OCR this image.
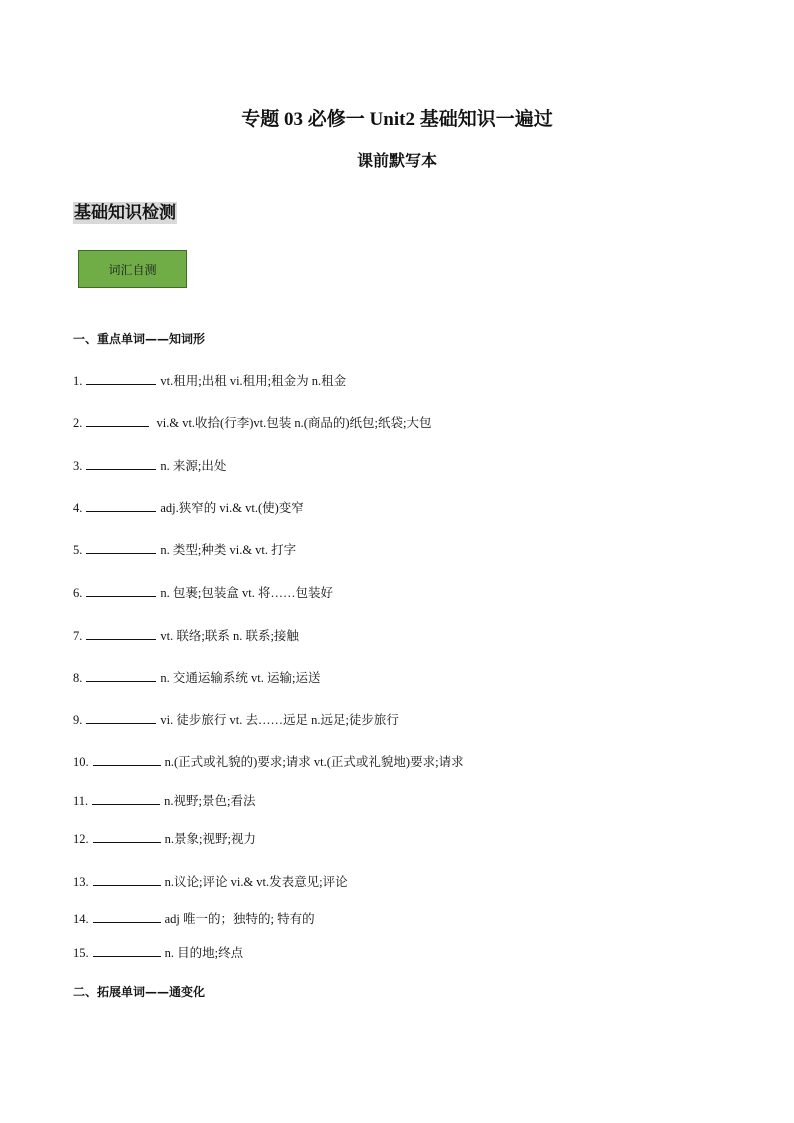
专题 03 必修一 Unit2 基础知识一遍过
课前默写本
基础知识检测
词汇自测
一、重点单词——知词形
1.	vt.租用;出租 vi.租用;租金为 n.租金
2.	vi.& vt.收拾(行李)vt.包装 n.(商品的)纸包;纸袋;大包
3.	n. 来源;出处
4.	adj.狭窄的 vi.& vt.(使)变窄
5.	n. 类型;种类 vi.& vt. 打字
6.	n. 包裹;包装盒 vt. 将……包装好
7.	vt. 联络;联系 n. 联系;接触
8.	n. 交通运输系统 vt. 运输;运送
9.	vi. 徒步旅行 vt. 去……远足 n.远足;徒步旅行
10.	n.(正式或礼貌的)要求;请求 vt.(正式或礼貌地)要求;请求
11.	n.视野;景色;看法
12.	n.景象;视野;视力
13.	n.议论;评论 vi.& vt.发表意见;评论
14.	adj 唯一的；独特的; 特有的
15.	n. 目的地;终点
二、拓展单词——通变化
